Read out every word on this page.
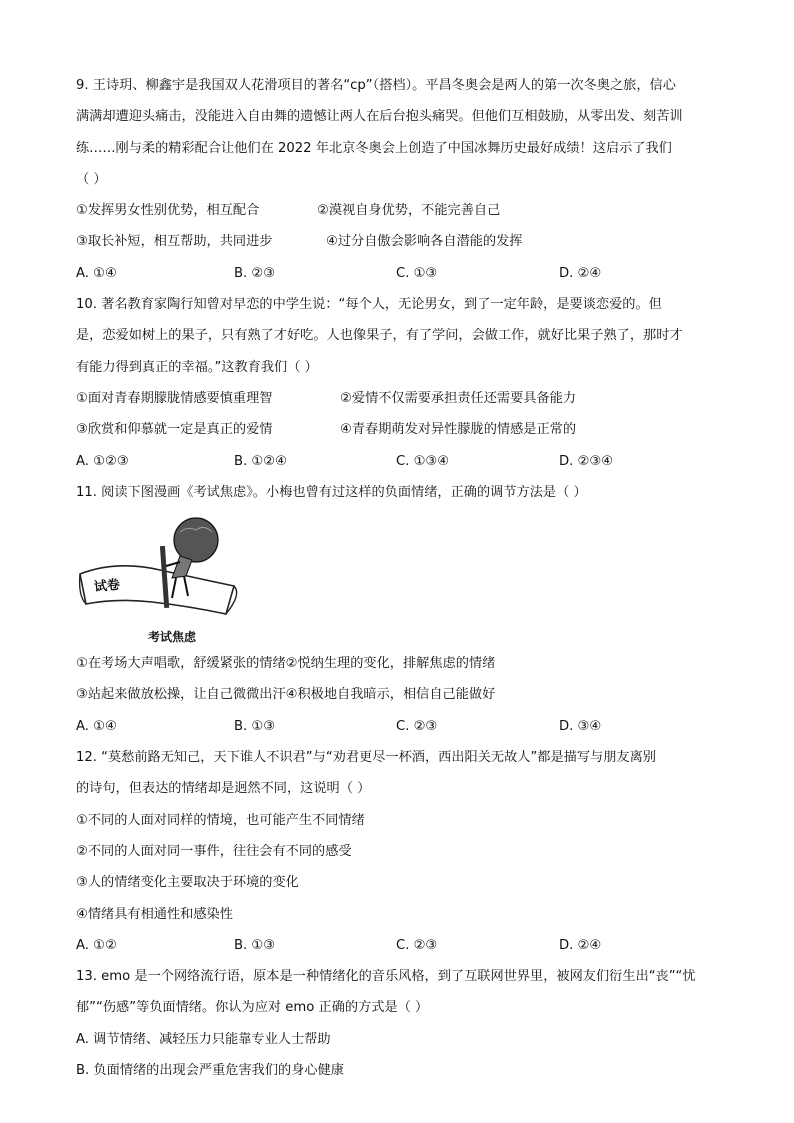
9. 王诗玥、柳鑫宇是我国双人花滑项目的著名“cp”（搭档）。平昌冬奥会是两人的第一次冬奥之旅，信心
满满却遭迎头痛击，没能进入自由舞的遗憾让两人在后台抱头痛哭。但他们互相鼓励，从零出发、刻苦训
练……刚与柔的精彩配合让他们在 2022 年北京冬奥会上创造了中国冰舞历史最好成绩！这启示了我们
（ ）
①发挥男女性别优势，相互配合	②漠视自身优势，不能完善自己
③取长补短，相互帮助，共同进步	④过分自傲会影响各自潜能的发挥
A. ①④	B. ②③	C. ①③	D. ②④
10. 著名教育家陶行知曾对早恋的中学生说：“每个人，无论男女，到了一定年龄，是要谈恋爱的。但
是，恋爱如树上的果子，只有熟了才好吃。人也像果子，有了学问，会做工作，就好比果子熟了，那时才
有能力得到真正的幸福。”这教育我们（ ）
①面对青春期朦胧情感要慎重理智	②爱情不仅需要承担责任还需要具备能力
③欣赏和仰慕就一定是真正的爱情	④青春期萌发对异性朦胧的情感是正常的
A. ①②③	B. ①②④	C. ①③④	D. ②③④
11. 阅读下图漫画《考试焦虑》。小梅也曾有过这样的负面情绪，正确的调节方法是（ ）
试卷
考试焦虑
①在考场大声唱歌，舒缓紧张的情绪②悦纳生理的变化，排解焦虑的情绪
③站起来做放松操，让自己微微出汗④积极地自我暗示，相信自己能做好
A. ①④	B. ①③	C. ②③	D. ③④
12. “莫愁前路无知己，天下谁人不识君”与“劝君更尽一杯酒，西出阳关无故人”都是描写与朋友离别
的诗句，但表达的情绪却是迥然不同，这说明（ ）
①不同的人面对同样的情境，也可能产生不同情绪
②不同的人面对同一事件，往往会有不同的感受
③人的情绪变化主要取决于环境的变化
④情绪具有相通性和感染性
A. ①②	B. ①③	C. ②③	D. ②④
13. emo 是一个网络流行语，原本是一种情绪化的音乐风格，到了互联网世界里，被网友们衍生出“丧”“忧
郁”“伤感”等负面情绪。你认为应对 emo 正确的方式是（ ）
A. 调节情绪、减轻压力只能靠专业人士帮助
B. 负面情绪的出现会严重危害我们的身心健康
